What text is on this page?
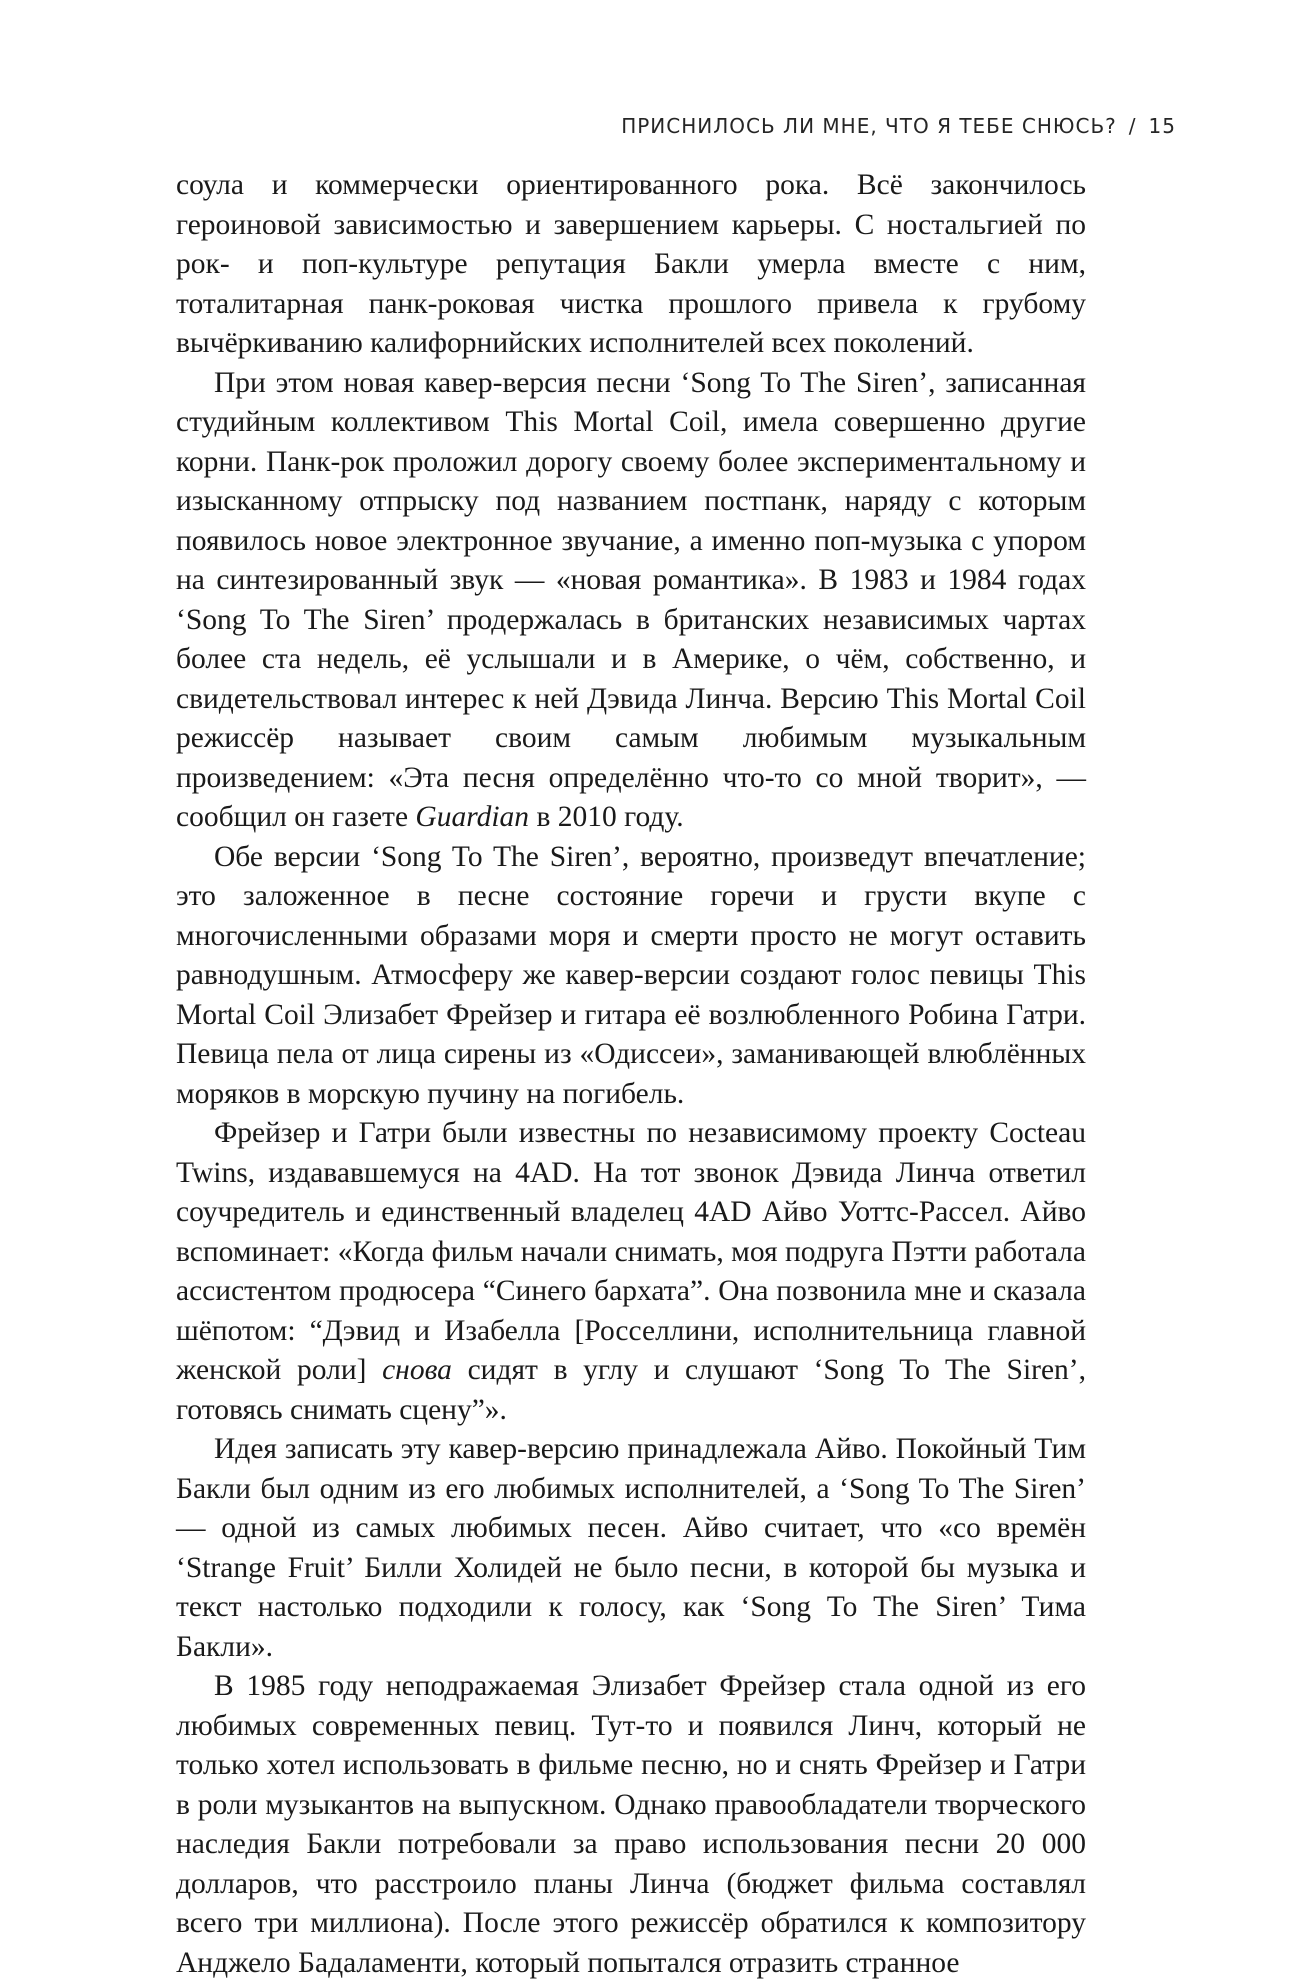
ПРИСНИЛОСЬ ЛИ МНЕ, ЧТО Я ТЕБЕ СНЮСЬ? / 15

соула и коммерчески ориентированного рока. Всё закончилось героиновой зависимостью и завершением карьеры. С ностальгией по рок- и поп-культуре репутация Бакли умерла вместе с ним, тоталитарная панк-роковая чистка прошлого привела к грубому вычёркиванию калифорнийских исполнителей всех поколений.

При этом новая кавер-версия песни ‘Song To The Siren’, записанная студийным коллективом This Mortal Coil, имела совершенно другие корни. Панк-рок проложил дорогу своему более экспериментальному и изысканному отпрыску под названием постпанк, наряду с которым появилось новое электронное звучание, а именно поп-музыка с упором на синтезированный звук — «новая романтика». В 1983 и 1984 годах ‘Song To The Siren’ продержалась в британских независимых чартах более ста недель, её услышали и в Америке, о чём, собственно, и свидетельствовал интерес к ней Дэвида Линча. Версию This Mortal Coil режиссёр называет своим самым любимым музыкальным произведением: «Эта песня определённо что-то со мной творит», — сообщил он газете Guardian в 2010 году.

Обе версии ‘Song To The Siren’, вероятно, произведут впечатление; это заложенное в песне состояние горечи и грусти вкупе с многочисленными образами моря и смерти просто не могут оставить равнодушным. Атмосферу же кавер-версии создают голос певицы This Mortal Coil Элизабет Фрейзер и гитара её возлюбленного Робина Гатри. Певица пела от лица сирены из «Одиссеи», заманивающей влюблённых моряков в морскую пучину на погибель.

Фрейзер и Гатри были известны по независимому проекту Cocteau Twins, издававшемуся на 4AD. На тот звонок Дэвида Линча ответил соучредитель и единственный владелец 4AD Айво Уоттс-Рассел. Айво вспоминает: «Когда фильм начали снимать, моя подруга Пэтти работала ассистентом продюсера “Синего бархата”. Она позвонила мне и сказала шёпотом: “Дэвид и Изабелла [Росселлини, исполнительница главной женской роли] снова сидят в углу и слушают ‘Song To The Siren’, готовясь снимать сцену”».

Идея записать эту кавер-версию принадлежала Айво. Покойный Тим Бакли был одним из его любимых исполнителей, а ‘Song To The Siren’ — одной из самых любимых песен. Айво считает, что «со времён ‘Strange Fruit’ Билли Холидей не было песни, в которой бы музыка и текст настолько подходили к голосу, как ‘Song To The Siren’ Тима Бакли».

В 1985 году неподражаемая Элизабет Фрейзер стала одной из его любимых современных певиц. Тут-то и появился Линч, который не только хотел использовать в фильме песню, но и снять Фрейзер и Гатри в роли музыкантов на выпускном. Однако правообладатели творческого наследия Бакли потребовали за право использования песни 20 000 долларов, что расстроило планы Линча (бюджет фильма составлял всего три миллиона). После этого режиссёр обратился к композитору Анджело Бадаламенти, который попытался отразить странное
